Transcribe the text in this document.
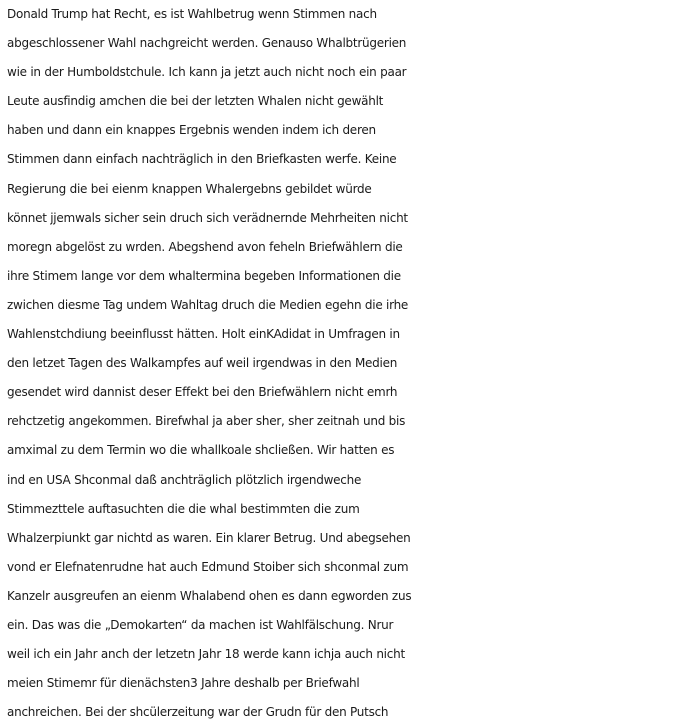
Donald Trump hat Recht, es ist Wahlbetrug wenn Stimmen nach
abgeschlossener Wahl nachgreicht werden. Genauso Whalbtrügerien
wie in der Humboldstchule. Ich kann ja jetzt auch nicht noch ein paar
Leute ausfindig amchen die bei der letzten Whalen nicht gewählt
haben und dann ein knappes Ergebnis wenden indem ich deren
Stimmen dann einfach nachträglich in den Briefkasten werfe. Keine
Regierung die bei eienm knappen Whalergebns gebildet würde
könnet jjemwals sicher sein druch sich verädnernde Mehrheiten nicht
moregn abgelöst zu wrden. Abegshend avon feheln Briefwählern die
ihre Stimem lange vor dem whaltermina begeben Informationen die
zwichen diesme Tag undem Wahltag druch die Medien egehn die irhe
Wahlenstchdiung beeinflusst hätten. Holt einKAdidat in Umfragen in
den letzet Tagen des Walkampfes auf weil irgendwas in den Medien
gesendet wird dannist deser Effekt bei den Briefwählern nicht emrh
rehctzetig angekommen. Birefwhal ja aber sher, sher zeitnah und bis
amximal zu dem Termin wo die whallkoale shcließen. Wir hatten es
ind en USA Shconmal daß anchträglich plötzlich irgendweche
Stimmezttele auftasuchten die die whal bestimmten die zum
Whalzerpiunkt gar nichtd as waren. Ein klarer Betrug. Und abegsehen
vond er Elefnatenrudne hat auch Edmund Stoiber sich shconmal zum
Kanzelr ausgreufen an eienm Whalabend ohen es dann egworden zus
ein. Das was die „Demokarten“ da machen ist Wahlfälschung. Nrur
weil ich ein Jahr anch der letzetn Jahr 18 werde kann ichja auch nicht
meien Stimemr für dienächsten3 Jahre deshalb per Briefwahl
anchreichen. Bei der shcülerzeitung war der Grudn für den Putsch
